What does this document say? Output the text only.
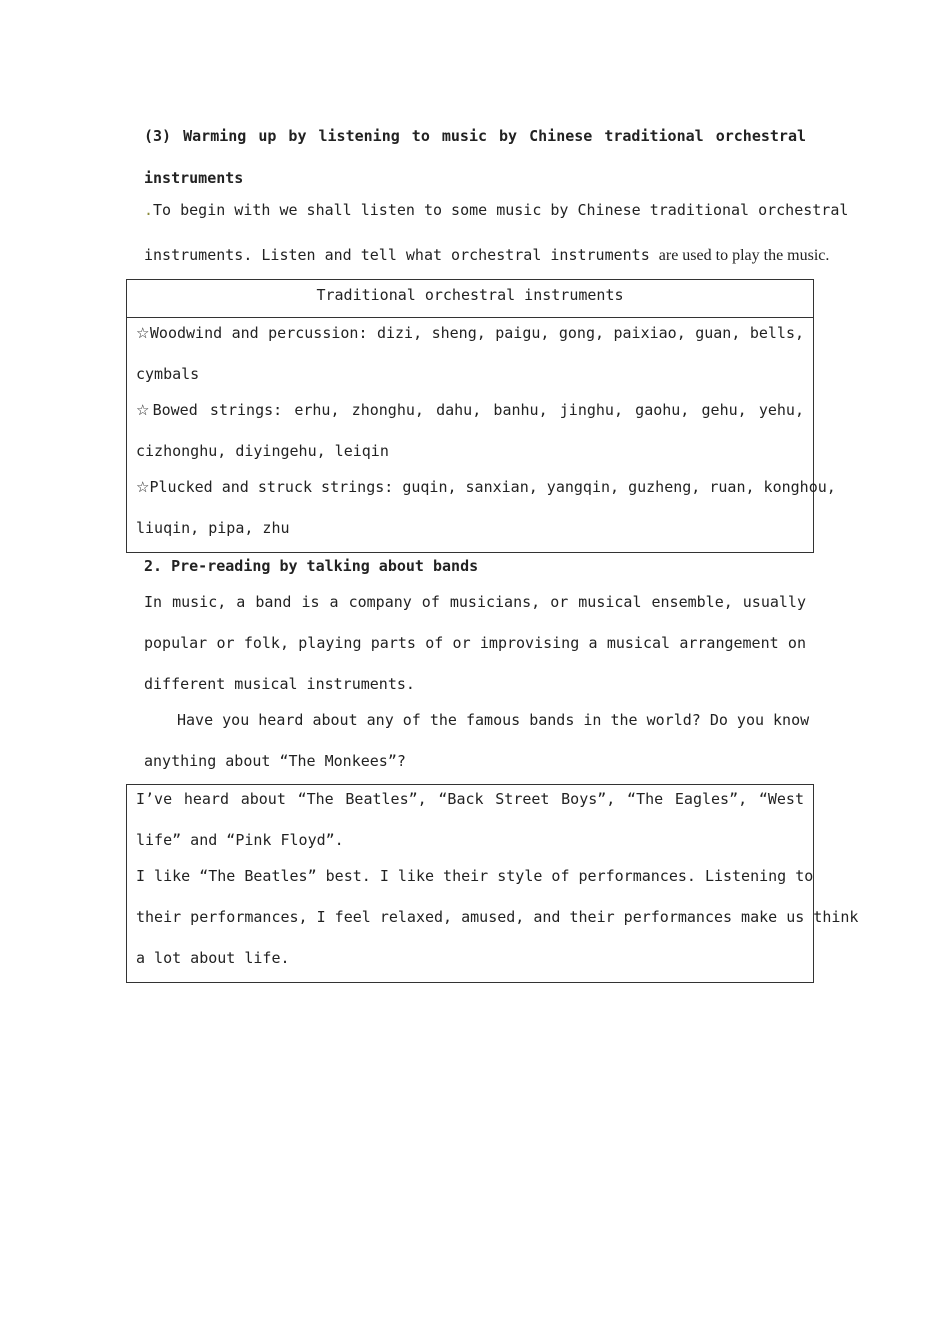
(3) Warming up by listening to music by Chinese traditional orchestral
instruments
.To begin with we shall listen to some music by Chinese traditional orchestral
instruments. Listen and tell what orchestral instruments are used to play the music.
Traditional orchestral instruments
☆Woodwind and percussion: dizi, sheng, paigu, gong, paixiao, guan, bells,
cymbals
☆Bowed strings: erhu, zhonghu, dahu, banhu, jinghu, gaohu, gehu, yehu,
cizhonghu, diyingehu, leiqin
☆Plucked and struck strings: guqin, sanxian, yangqin, guzheng, ruan, konghou,
liuqin, pipa, zhu
2. Pre-reading by talking about bands
In music, a band is a company of musicians, or musical ensemble, usually
popular or folk, playing parts of or improvising a musical arrangement on
different musical instruments.
Have you heard about any of the famous bands in the world? Do you know
anything about “The Monkees”?
I’ve heard about “The Beatles”, “Back Street Boys”, “The Eagles”, “West
life” and “Pink Floyd”.
I like “The Beatles” best. I like their style of performances. Listening to
their performances, I feel relaxed, amused, and their performances make us think
a lot about life.
